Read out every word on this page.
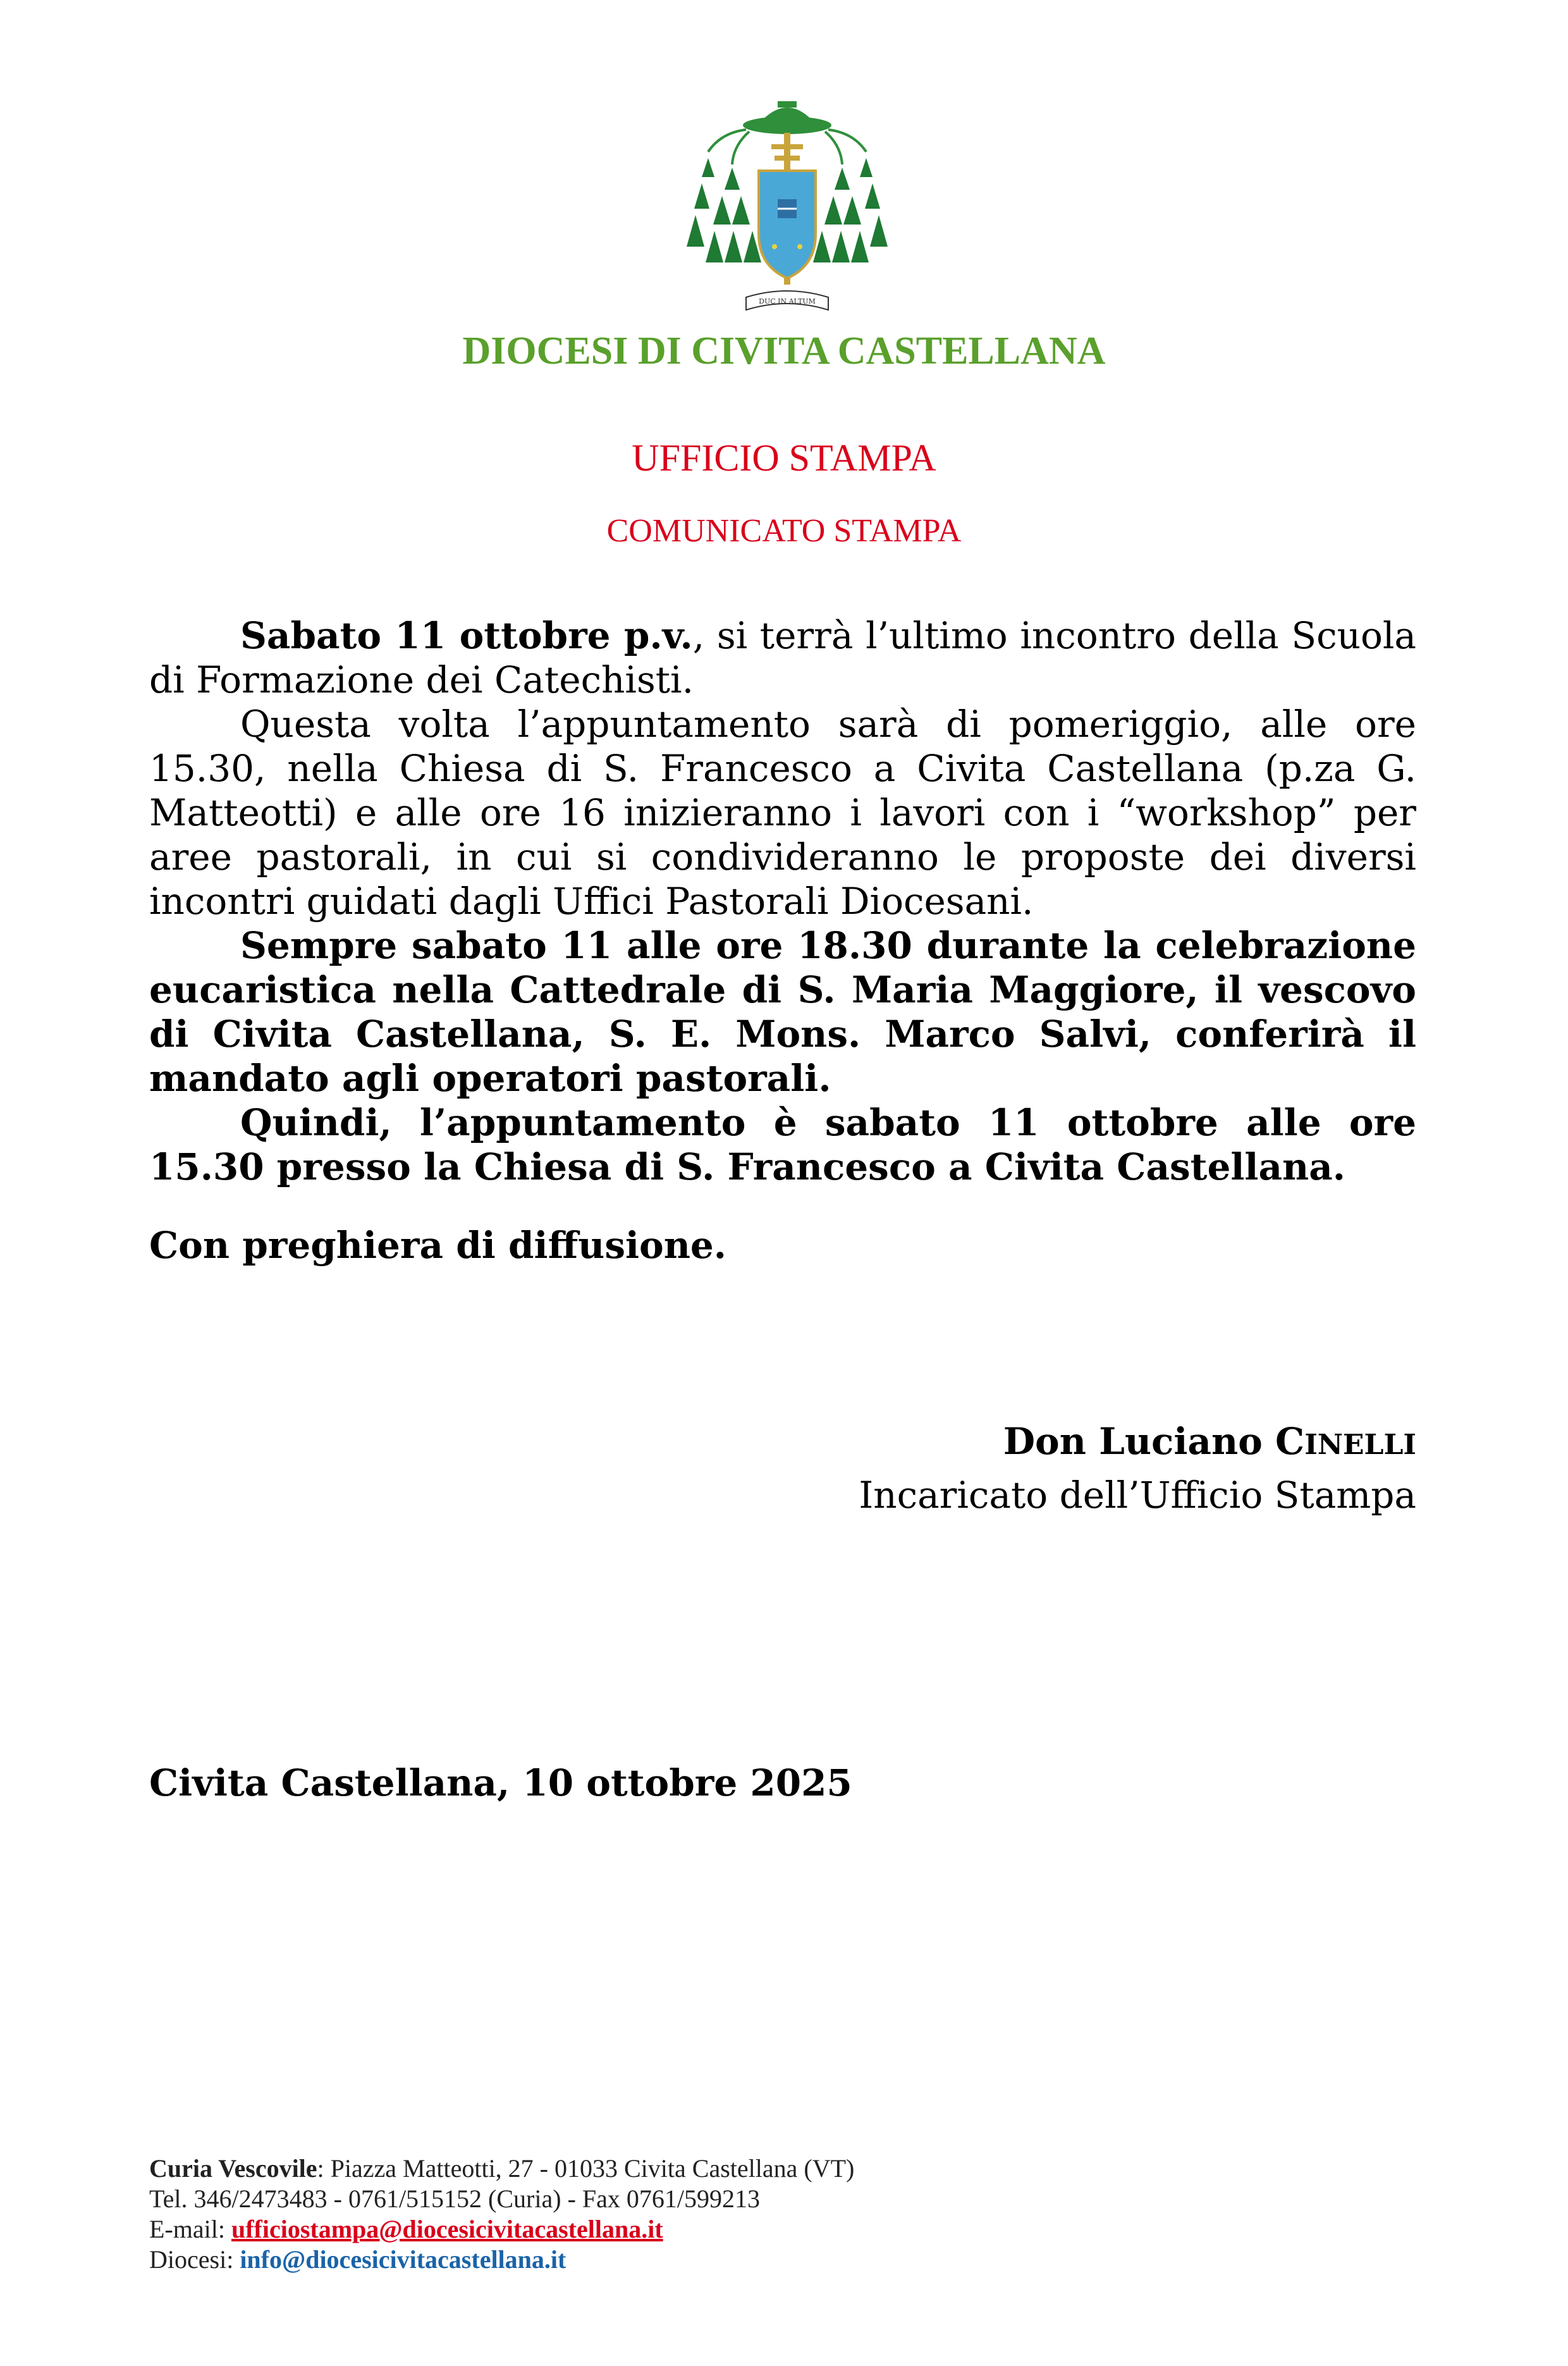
DUC IN ALTUM
DIOCESI DI CIVITA CASTELLANA
UFFICIO STAMPA
COMUNICATO STAMPA

Sabato 11 ottobre p.v., si terrà l’ultimo incontro della Scuola di Formazione dei Catechisti.

Questa volta l’appuntamento sarà di pomeriggio, alle ore 15.30, nella Chiesa di S. Francesco a Civita Castellana (p.za G. Matteotti) e alle ore 16 inizieranno i lavori con i “workshop” per aree pastorali, in cui si condivideranno le proposte dei diversi incontri guidati dagli Uffici Pastorali Diocesani.

Sempre sabato 11 alle ore 18.30 durante la celebrazione eucaristica nella Cattedrale di S. Maria Maggiore, il vescovo di Civita Castellana, S. E. Mons. Marco Salvi, conferirà il mandato agli operatori pastorali.

Quindi, l’appuntamento è sabato 11 ottobre alle ore 15.30 presso la Chiesa di S. Francesco a Civita Castellana.

Con preghiera di diffusione.

Don Luciano CINELLI
Incaricato dell’Ufficio Stampa
Civita Castellana, 10 ottobre 2025
Curia Vescovile: Piazza Matteotti, 27 - 01033 Civita Castellana (VT)
Tel. 346/2473483 - 0761/515152 (Curia) - Fax 0761/599213
E-mail: ufficiostampa@diocesicivitacastellana.it
Diocesi: info@diocesicivitacastellana.it
